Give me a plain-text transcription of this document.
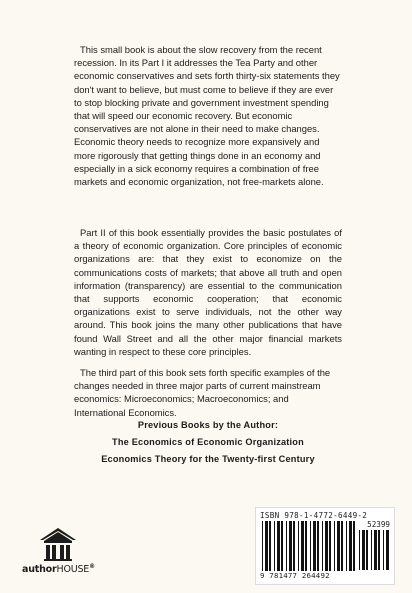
This small book is about the slow recovery from the recent recession. In its Part I it addresses the Tea Party and other economic conservatives and sets forth thirty-six statements they don't want to believe, but must come to believe if they are ever to stop blocking private and government investment spending that will speed our economic recovery. But economic conservatives are not alone in their need to make changes. Economic theory needs to recognize more expansively and more rigorously that getting things done in an economy and especially in a sick economy requires a combination of free markets and economic organization, not free-markets alone.

Part II of this book essentially provides the basic postulates of a theory of economic organization. Core principles of economic organizations are: that they exist to economize on the communications costs of markets; that above all truth and open information (transparency) are essential to the communication that supports economic cooperation; that economic organizations exist to serve individuals, not the other way around. This book joins the many other publications that have found Wall Street and all the other major financial markets wanting in respect to these core principles.

The third part of this book sets forth specific examples of the changes needed in three major parts of current mainstream economics: Microeconomics; Macroeconomics; and International Economics.

Previous Books by the Author:
The Economics of Economic Organization
Economics Theory for the Twenty-first Century
authorHOUSE®
ISBN 978-1-4772-6449-2
52399
9 781477 264492
